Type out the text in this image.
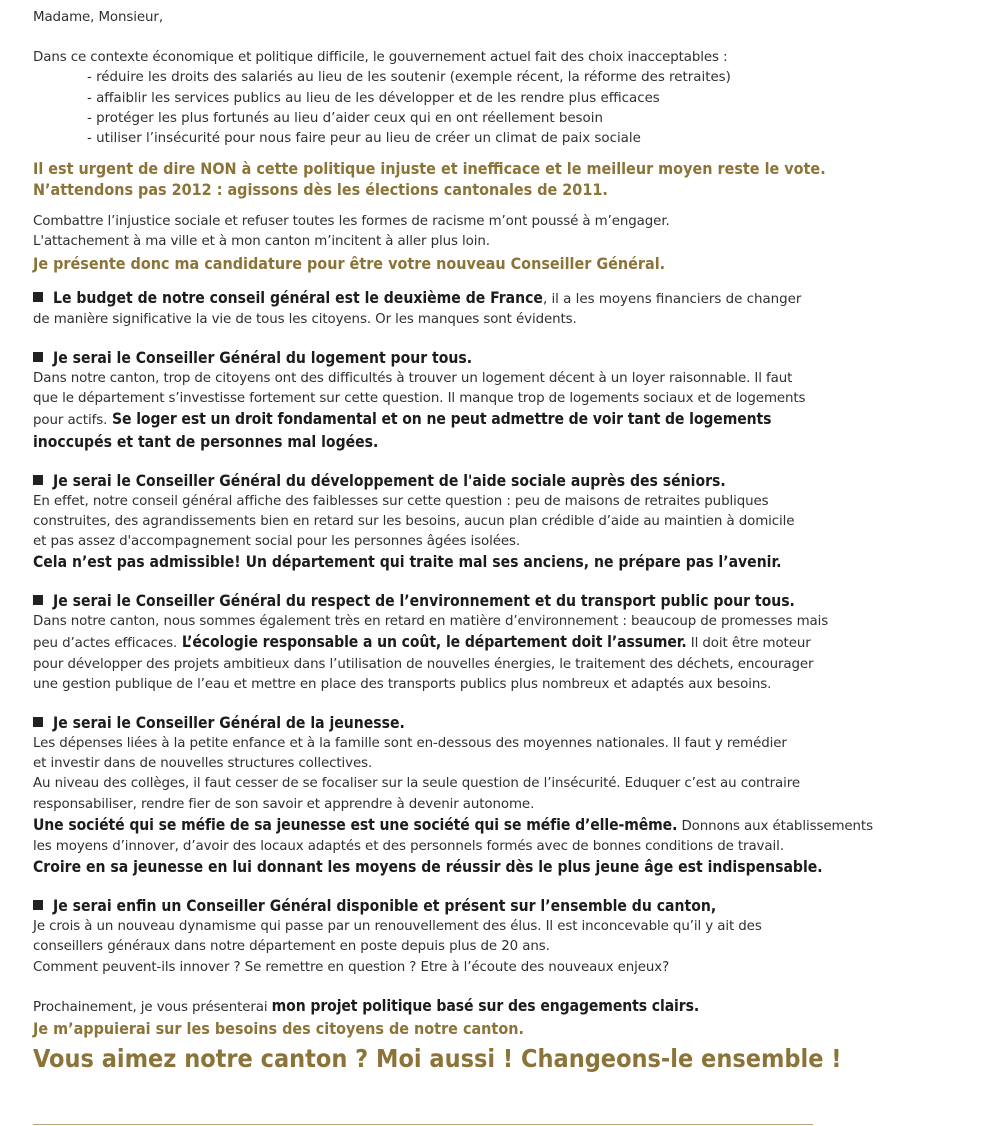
Madame, Monsieur,
Dans ce contexte économique et politique difficile, le gouvernement actuel fait des choix inacceptables :
- réduire les droits des salariés au lieu de les soutenir (exemple récent, la réforme des retraites)
- affaiblir les services publics au lieu de les développer et de les rendre plus efficaces
- protéger les plus fortunés au lieu d’aider ceux qui en ont réellement besoin
- utiliser l’insécurité pour nous faire peur au lieu de créer un climat de paix sociale
Il est urgent de dire NON à cette politique injuste et inefficace et le meilleur moyen reste le vote.
N’attendons pas 2012 : agissons dès les élections cantonales de 2011.
Combattre l’injustice sociale et refuser toutes les formes de racisme m’ont poussé à m’engager.
L'attachement à ma ville et à mon canton m’incitent à aller plus loin.
Je présente donc ma candidature pour être votre nouveau Conseiller Général.
Le budget de notre conseil général est le deuxième de France, il a les moyens financiers de changer
de manière significative la vie de tous les citoyens. Or les manques sont évidents.
Je serai le Conseiller Général du logement pour tous.
Dans notre canton, trop de citoyens ont des difficultés à trouver un logement décent à un loyer raisonnable. Il faut
que le département s’investisse fortement sur cette question. Il manque trop de logements sociaux et de logements
pour actifs. Se loger est un droit fondamental et on ne peut admettre de voir tant de logements
inoccupés et tant de personnes mal logées.
Je serai le Conseiller Général du développement de l'aide sociale auprès des séniors.
En effet, notre conseil général affiche des faiblesses sur cette question : peu de maisons de retraites publiques
construites, des agrandissements bien en retard sur les besoins, aucun plan crédible d’aide au maintien à domicile
et pas assez d'accompagnement social pour les personnes âgées isolées.
Cela n’est pas admissible! Un département qui traite mal ses anciens, ne prépare pas l’avenir.
Je serai le Conseiller Général du respect de l’environnement et du transport public pour tous.
Dans notre canton, nous sommes également très en retard en matière d’environnement : beaucoup de promesses mais
peu d’actes efficaces. L’écologie responsable a un coût, le département doit l’assumer. Il doit être moteur
pour développer des projets ambitieux dans l’utilisation de nouvelles énergies, le traitement des déchets, encourager
une gestion publique de l’eau et mettre en place des transports publics plus nombreux et adaptés aux besoins.
Je serai le Conseiller Général de la jeunesse.
Les dépenses liées à la petite enfance et à la famille sont en-dessous des moyennes nationales. Il faut y remédier
et investir dans de nouvelles structures collectives.
Au niveau des collèges, il faut cesser de se focaliser sur la seule question de l’insécurité. Eduquer c’est au contraire
responsabiliser, rendre fier de son savoir et apprendre à devenir autonome.
Une société qui se méfie de sa jeunesse est une société qui se méfie d’elle-même. Donnons aux établissements
les moyens d’innover, d’avoir des locaux adaptés et des personnels formés avec de bonnes conditions de travail.
Croire en sa jeunesse en lui donnant les moyens de réussir dès le plus jeune âge est indispensable.
Je serai enfin un Conseiller Général disponible et présent sur l’ensemble du canton,
Je crois à un nouveau dynamisme qui passe par un renouvellement des élus. Il est inconcevable qu’il y ait des
conseillers généraux dans notre département en poste depuis plus de 20 ans.
Comment peuvent-ils innover ? Se remettre en question ? Etre à l’écoute des nouveaux enjeux?
Prochainement, je vous présenterai mon projet politique basé sur des engagements clairs.
Je m’appuierai sur les besoins des citoyens de notre canton.
Vous aimez notre canton ? Moi aussi ! Changeons-le ensemble !
